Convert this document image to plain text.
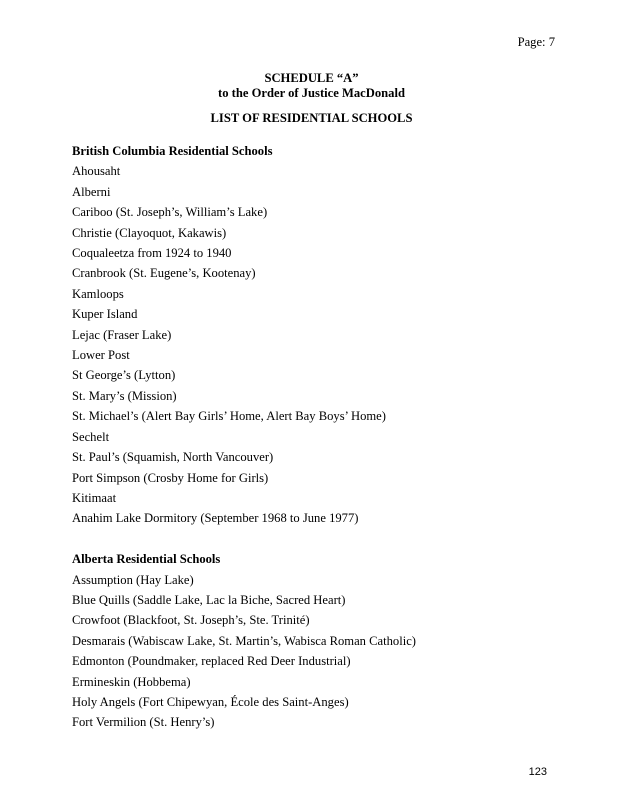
Page: 7
SCHEDULE “A”
to the Order of Justice MacDonald
LIST OF RESIDENTIAL SCHOOLS
British Columbia Residential Schools
Ahousaht
Alberni
Cariboo (St. Joseph’s, William’s Lake)
Christie (Clayoquot, Kakawis)
Coqualeetza from 1924 to 1940
Cranbrook (St. Eugene’s, Kootenay)
Kamloops
Kuper Island
Lejac (Fraser Lake)
Lower Post
St George’s (Lytton)
St. Mary’s (Mission)
St. Michael’s (Alert Bay Girls’ Home, Alert Bay Boys’ Home)
Sechelt
St. Paul’s (Squamish, North Vancouver)
Port Simpson (Crosby Home for Girls)
Kitimaat
Anahim Lake Dormitory (September 1968 to June 1977)
Alberta Residential Schools
Assumption (Hay Lake)
Blue Quills (Saddle Lake, Lac la Biche, Sacred Heart)
Crowfoot (Blackfoot, St. Joseph’s, Ste. Trinité)
Desmarais (Wabiscaw Lake, St. Martin’s, Wabisca Roman Catholic)
Edmonton (Poundmaker, replaced Red Deer Industrial)
Ermineskin (Hobbema)
Holy Angels (Fort Chipewyan, École des Saint-Anges)
Fort Vermilion (St. Henry’s)
123
